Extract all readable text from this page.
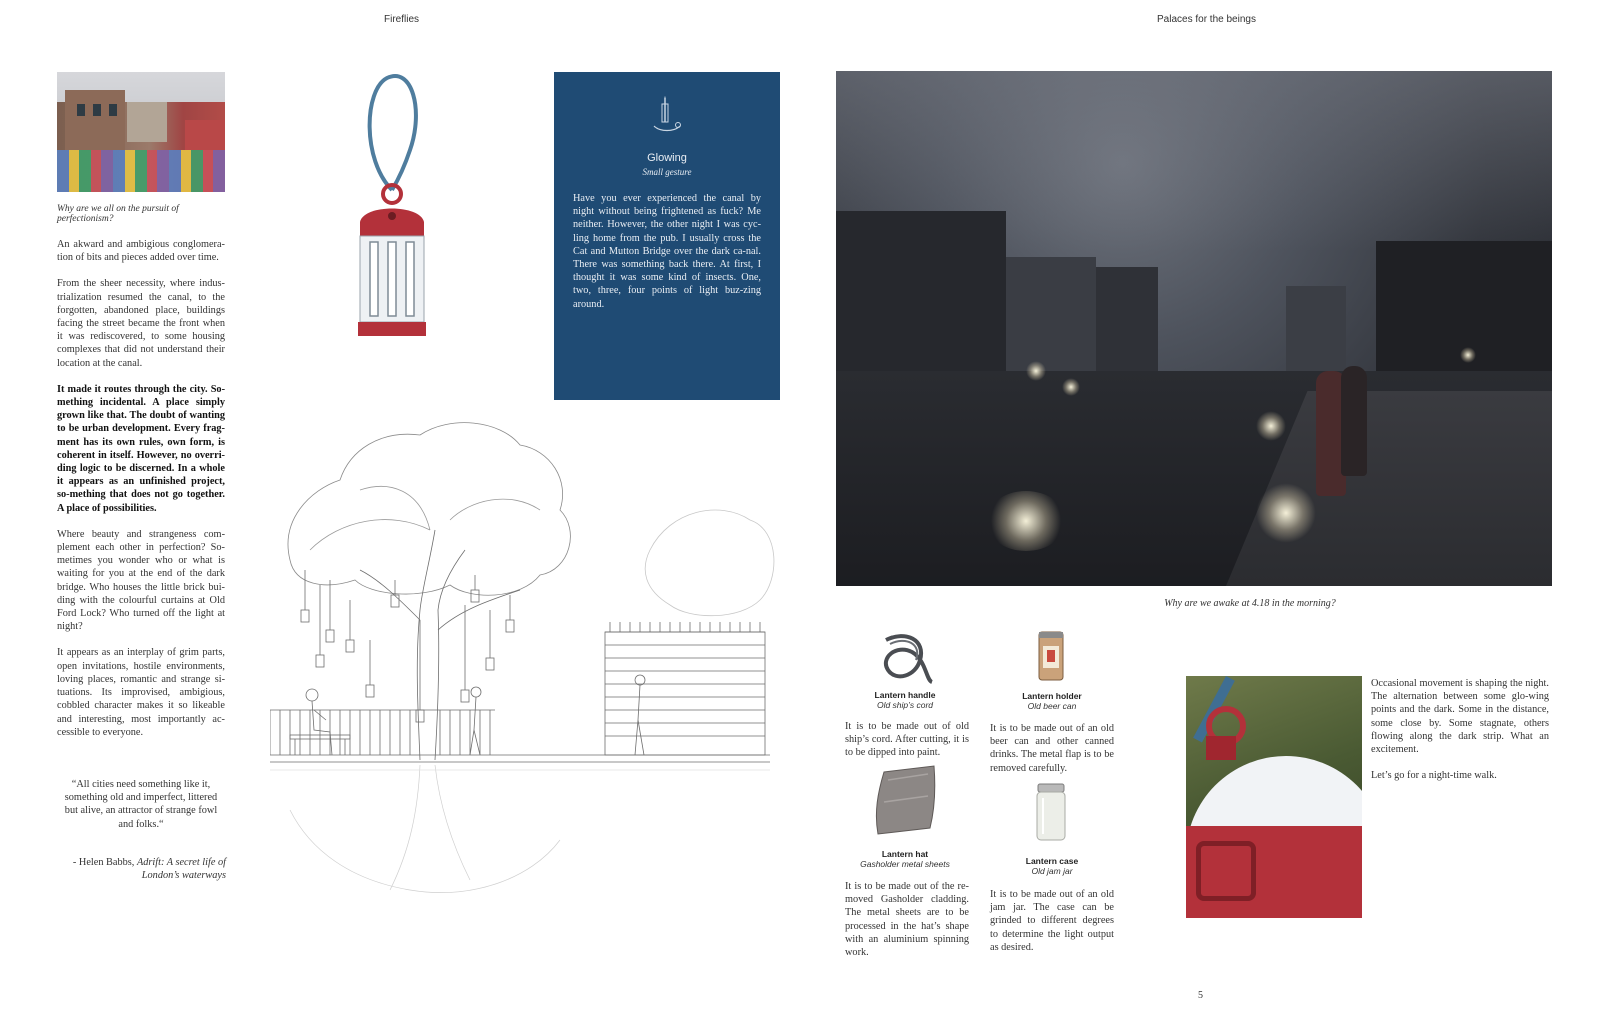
Fireflies	Palaces for the beings
Why are we all on the pursuit of perfectionism?

An akward and ambigious conglomera-tion of bits and pieces added over time.

From the sheer necessity, where indus-trialization resumed the canal, to the forgotten, abandoned place, buildings facing the street became the front when it was rediscovered, to some housing complexes that did not understand their location at the canal.

It made it routes through the city. So-mething incidental. A place simply grown like that. The doubt of wanting to be urban development. Every frag-ment has its own rules, own form, is coherent in itself. However, no overri-ding logic to be discerned. In a whole it appears as an unfinished project, so-mething that does not go together. A place of possibilities.

Where beauty and strangeness com-plement each other in perfection? So-metimes you wonder who or what is waiting for you at the end of the dark bridge. Who houses the little brick bui-ding with the colourful curtains at Old Ford Lock? Who turned off the light at night?

It appears as an interplay of grim parts, open invitations, hostile environments, loving places, romantic and strange si-tuations. Its improvised, ambigious, cobbled character makes it so likeable and interesting, most importantly ac-cessible to everyone.

“All cities need something like it, something old and imperfect, littered but alive, an attractor of strange fowl and folks.“
- Helen Babbs, Adrift: A secret life of London’s waterways
Glowing
Small gesture
Have you ever experienced the canal by night without being frightened as fuck? Me neither. However, the other night I was cyc-ling home from the pub. I usually cross the Cat and Mutton Bridge over the dark ca-nal. There was something back there. At first, I thought it was some kind of insects. One, two, three, four points of light buz-zing around.
Why are we awake at 4.18 in the morning?
Lantern handle
Old ship’s cord
It is to be made out of old ship’s cord. After cutting, it is to be dipped into paint.
Lantern holder
Old beer can
It is to be made out of an old beer can and other canned drinks. The metal flap is to be removed carefully.
Lantern hat
Gasholder metal sheets
It is to be made out of the re-moved Gasholder cladding. The metal sheets are to be processed in the hat’s shape with an aluminium spinning work.
Lantern case
Old jam jar
It is to be made out of an old jam jar. The case can be grinded to different degrees to determine the light output as desired.

Occasional movement is shaping the night. The alternation between some glo-wing points and the dark. Some in the distance, some close by. Some stagnate, others flowing along the dark strip. What an excitement.

Let’s go for a night-time walk.

5
